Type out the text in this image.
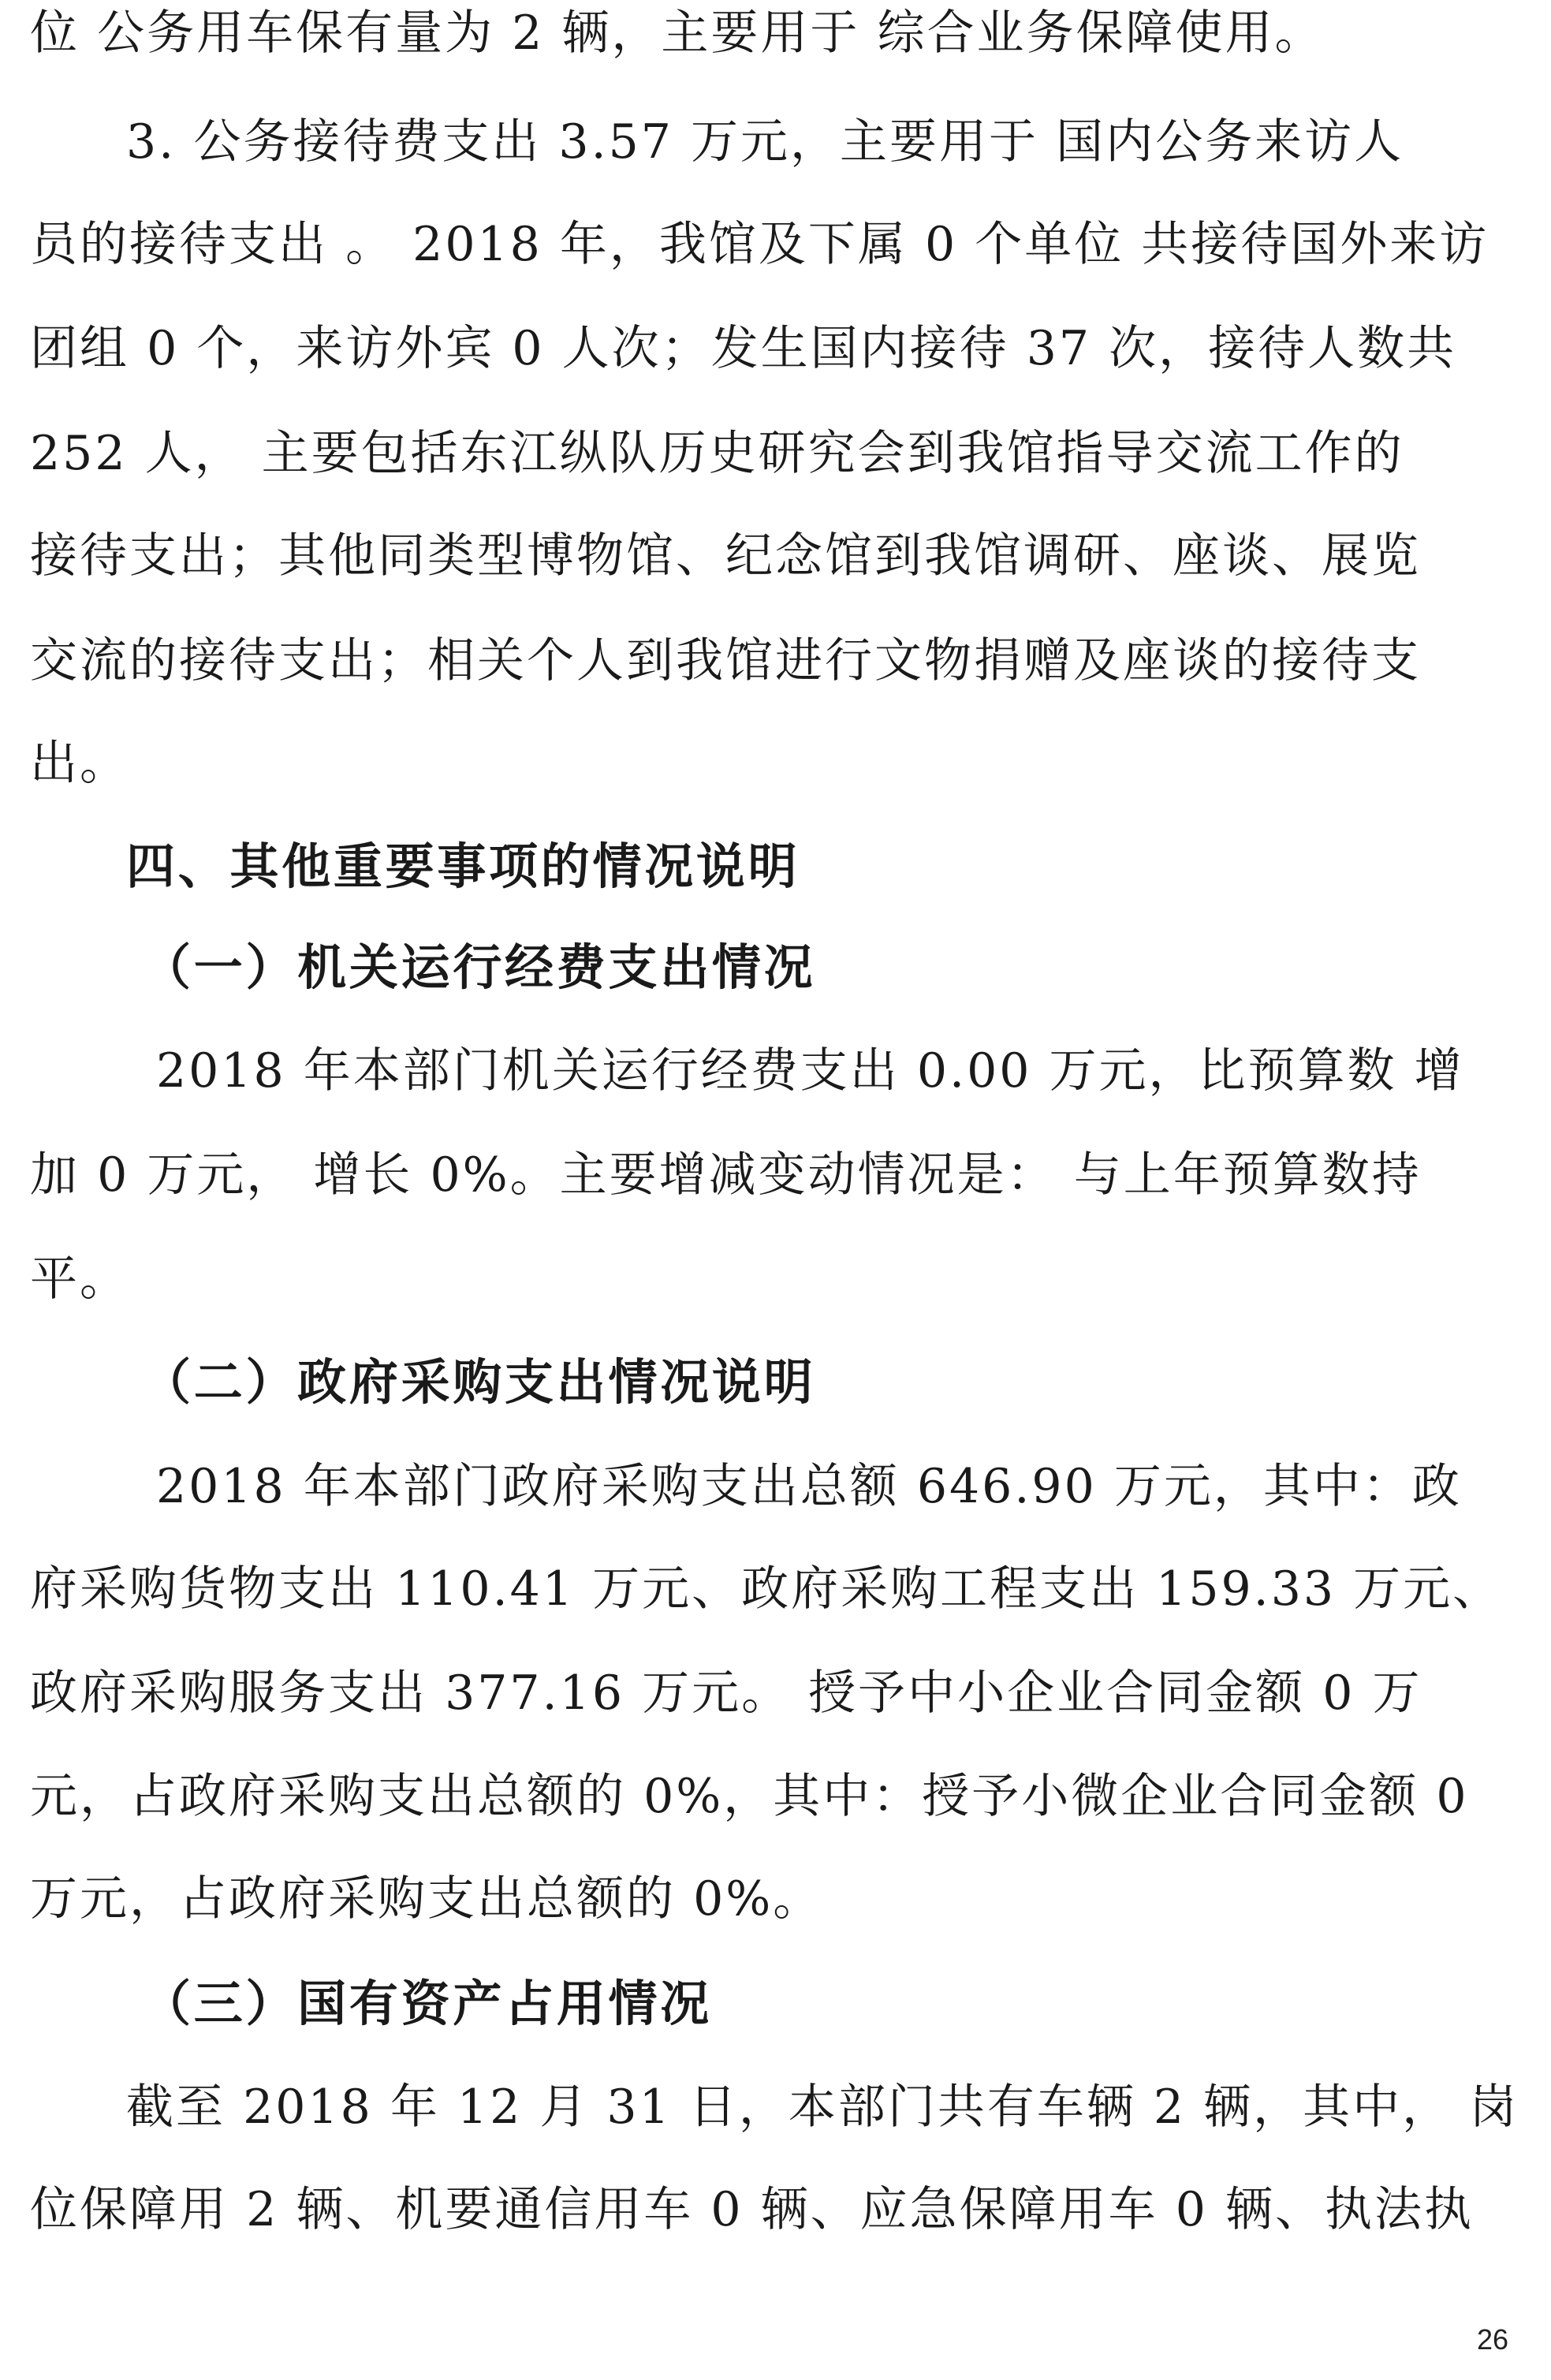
位 公务用车保有量为 2 辆，主要用于 综合业务保障使用。
3. 公务接待费支出 3.57 万元，主要用于 国内公务来访人
员的接待支出 。 2018 年，我馆及下属 0 个单位 共接待国外来访
团组 0 个，来访外宾 0 人次；发生国内接待 37 次，接待人数共
252 人， 主要包括东江纵队历史研究会到我馆指导交流工作的
接待支出；其他同类型博物馆、纪念馆到我馆调研、座谈、展览
交流的接待支出；相关个人到我馆进行文物捐赠及座谈的接待支
出。
四、其他重要事项的情况说明
（一）机关运行经费支出情况
2018 年本部门机关运行经费支出 0.00 万元，比预算数 增
加 0 万元， 增长 0%。主要增减变动情况是： 与上年预算数持
平。
（二）政府采购支出情况说明
2018 年本部门政府采购支出总额 646.90 万元，其中：政
府采购货物支出 110.41 万元、政府采购工程支出 159.33 万元、
政府采购服务支出 377.16 万元。 授予中小企业合同金额 0 万
元，占政府采购支出总额的 0%，其中：授予小微企业合同金额 0
万元，占政府采购支出总额的 0%。
（三）国有资产占用情况
截至 2018 年 12 月 31 日，本部门共有车辆 2 辆，其中， 岗
位保障用 2 辆、机要通信用车 0 辆、应急保障用车 0 辆、执法执
26
